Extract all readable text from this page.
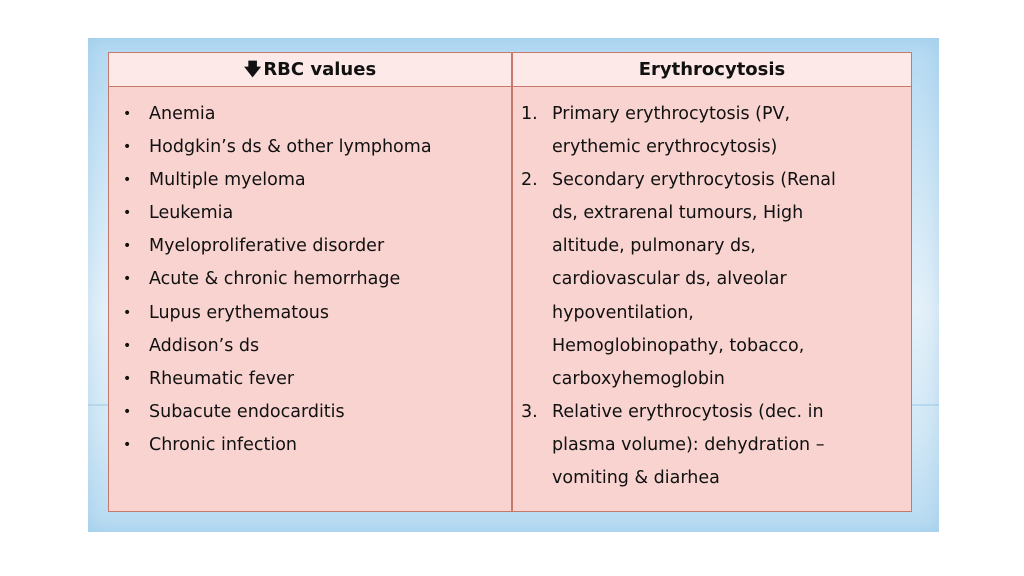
🡇 RBC values	Erythrocytosis
• Anemia
• Hodgkin’s ds & other lymphoma
• Multiple myeloma
• Leukemia
• Myeloproliferative disorder
• Acute & chronic hemorrhage
• Lupus erythematous
• Addison’s ds
• Rheumatic fever
• Subacute endocarditis
• Chronic infection
1. Primary erythrocytosis (PV,
erythemic erythrocytosis)
2. Secondary erythrocytosis (Renal
ds, extrarenal tumours, High
altitude, pulmonary ds,
cardiovascular ds, alveolar
hypoventilation,
Hemoglobinopathy, tobacco,
carboxyhemoglobin
3. Relative erythrocytosis (dec. in
plasma volume): dehydration –
vomiting & diarhea
